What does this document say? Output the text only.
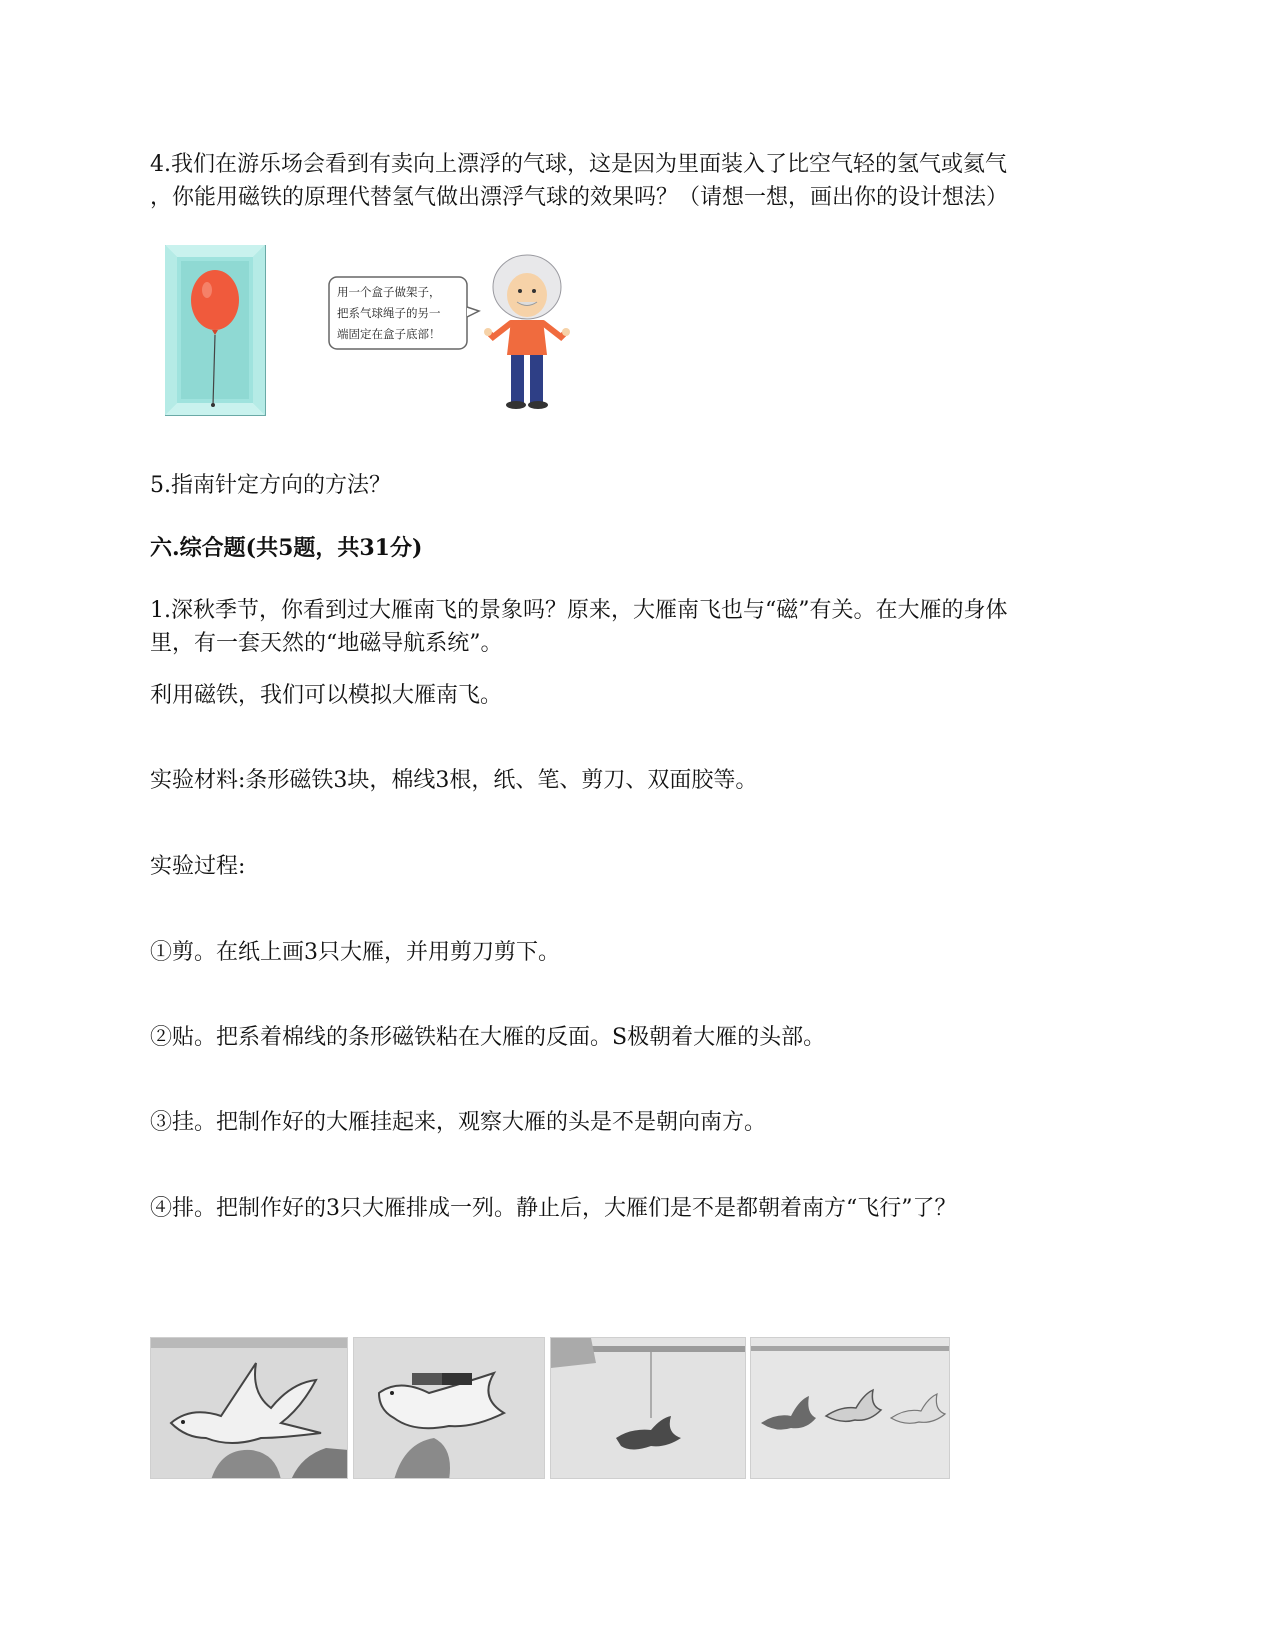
4.我们在游乐场会看到有卖向上漂浮的气球，这是因为里面装入了比空气轻的氢气或氦气
，你能用磁铁的原理代替氢气做出漂浮气球的效果吗？（请想一想，画出你的设计想法）
用一个盒子做架子，
把系气球绳子的另一
端固定在盒子底部！
5.指南针定方向的方法？
六.综合题(共5题，共31分)
1.深秋季节，你看到过大雁南飞的景象吗？原来，大雁南飞也与“磁”有关。在大雁的身体
里，有一套天然的“地磁导航系统”。
利用磁铁，我们可以模拟大雁南飞。
实验材料:条形磁铁3块，棉线3根，纸、笔、剪刀、双面胶等。
实验过程:
①剪。在纸上画3只大雁，并用剪刀剪下。
②贴。把系着棉线的条形磁铁粘在大雁的反面。S极朝着大雁的头部。
③挂。把制作好的大雁挂起来，观察大雁的头是不是朝向南方。
④排。把制作好的3只大雁排成一列。静止后，大雁们是不是都朝着南方“飞行”了？
